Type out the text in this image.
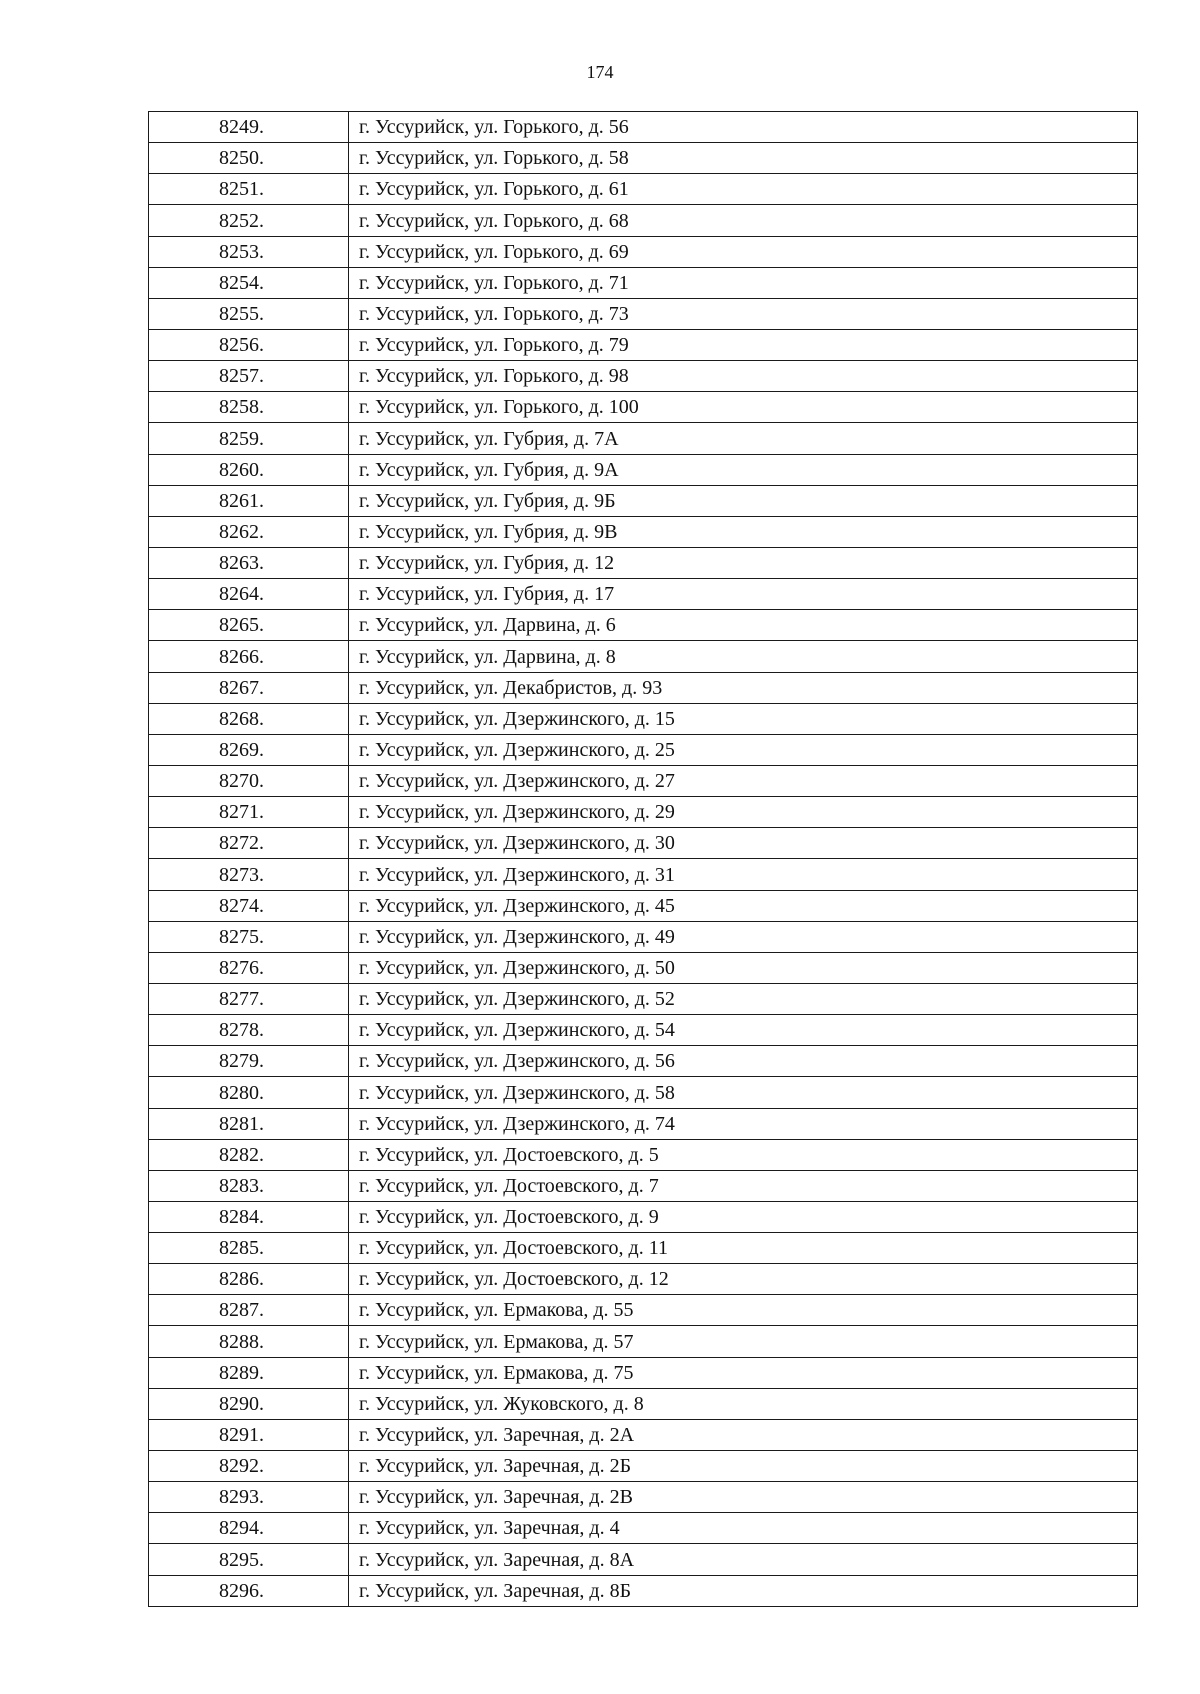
174
8249.	г. Уссурийск, ул. Горького, д. 56
8250.	г. Уссурийск, ул. Горького, д. 58
8251.	г. Уссурийск, ул. Горького, д. 61
8252.	г. Уссурийск, ул. Горького, д. 68
8253.	г. Уссурийск, ул. Горького, д. 69
8254.	г. Уссурийск, ул. Горького, д. 71
8255.	г. Уссурийск, ул. Горького, д. 73
8256.	г. Уссурийск, ул. Горького, д. 79
8257.	г. Уссурийск, ул. Горького, д. 98
8258.	г. Уссурийск, ул. Горького, д. 100
8259.	г. Уссурийск, ул. Губрия, д. 7А
8260.	г. Уссурийск, ул. Губрия, д. 9А
8261.	г. Уссурийск, ул. Губрия, д. 9Б
8262.	г. Уссурийск, ул. Губрия, д. 9В
8263.	г. Уссурийск, ул. Губрия, д. 12
8264.	г. Уссурийск, ул. Губрия, д. 17
8265.	г. Уссурийск, ул. Дарвина, д. 6
8266.	г. Уссурийск, ул. Дарвина, д. 8
8267.	г. Уссурийск, ул. Декабристов, д. 93
8268.	г. Уссурийск, ул. Дзержинского, д. 15
8269.	г. Уссурийск, ул. Дзержинского, д. 25
8270.	г. Уссурийск, ул. Дзержинского, д. 27
8271.	г. Уссурийск, ул. Дзержинского, д. 29
8272.	г. Уссурийск, ул. Дзержинского, д. 30
8273.	г. Уссурийск, ул. Дзержинского, д. 31
8274.	г. Уссурийск, ул. Дзержинского, д. 45
8275.	г. Уссурийск, ул. Дзержинского, д. 49
8276.	г. Уссурийск, ул. Дзержинского, д. 50
8277.	г. Уссурийск, ул. Дзержинского, д. 52
8278.	г. Уссурийск, ул. Дзержинского, д. 54
8279.	г. Уссурийск, ул. Дзержинского, д. 56
8280.	г. Уссурийск, ул. Дзержинского, д. 58
8281.	г. Уссурийск, ул. Дзержинского, д. 74
8282.	г. Уссурийск, ул. Достоевского, д. 5
8283.	г. Уссурийск, ул. Достоевского, д. 7
8284.	г. Уссурийск, ул. Достоевского, д. 9
8285.	г. Уссурийск, ул. Достоевского, д. 11
8286.	г. Уссурийск, ул. Достоевского, д. 12
8287.	г. Уссурийск, ул. Ермакова, д. 55
8288.	г. Уссурийск, ул. Ермакова, д. 57
8289.	г. Уссурийск, ул. Ермакова, д. 75
8290.	г. Уссурийск, ул. Жуковского, д. 8
8291.	г. Уссурийск, ул. Заречная, д. 2А
8292.	г. Уссурийск, ул. Заречная, д. 2Б
8293.	г. Уссурийск, ул. Заречная, д. 2В
8294.	г. Уссурийск, ул. Заречная, д. 4
8295.	г. Уссурийск, ул. Заречная, д. 8А
8296.	г. Уссурийск, ул. Заречная, д. 8Б
